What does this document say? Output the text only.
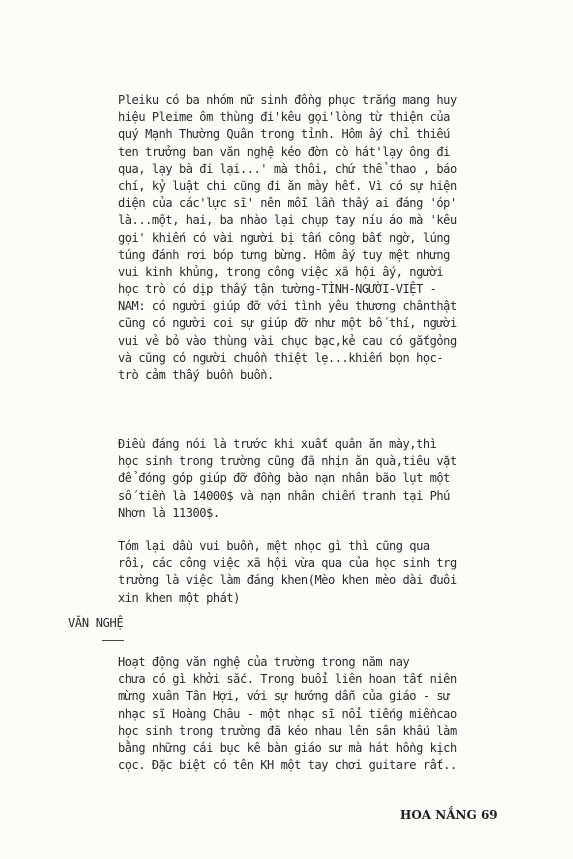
Pleiku có ba nhóm nữ sinh đồng phục trắng mang huy
hiệu Pleime ôm thùng đi'kêu gọi'lòng từ thiện của
quý Mạnh Thường Quân trong tỉnh. Hôm ấy chỉ thiếu
ten trưởng ban văn nghệ kéo đờn cò hát'lạy ông đi
qua, lạy bà đi lại...' mà thôi, chứ thể thao , báo
chí, kỷ luật chi cũng đi ăn mày hết. Vì có sự hiện
diện của các'lực sĩ' nên mỗi lần thấy ai đáng 'óp'
là...một, hai, ba nhào lại chụp tay níu áo mà 'kêu
gọi' khiến có vài người bị tấn công bất ngờ, lúng
túng đánh rơi bóp tưng bừng. Hôm ấy tuy mệt nhưng
vui kinh khủng, trong công việc xã hội ấy, người
học trò có dịp thấy tận tường-TÌNH-NGƯỜI-VIỆT -
NAM: có người giúp đỡ với tình yêu thương chânthật
cũng có người coi sự giúp đỡ như một bố thí, người
vui vẻ bỏ vào thùng vài chục bạc,kẻ cau có gắtgỏng
và cũng có người chuồn thiệt lẹ...khiến bọn học-
trò cảm thấy buồn buồn.
Điều đáng nói là trước khi xuất quân ăn mày,thì
học sinh trong trường cũng đã nhịn ăn quà,tiêu vặt
để đóng góp giúp đỡ đồng bào nạn nhân bão lụt một
số tiền là 14000$ và nạn nhân chiến tranh tại Phú
Nhơn là 11300$.
Tóm lại dầu vui buồn, mệt nhọc gì thì cũng qua
rồi, các công việc xã hội vừa qua của học sinh trg
trường là việc làm đáng khen(Mèo khen mèo dài đuôi
xin khen một phát)
VĂN NGHỆ
Hoạt động văn nghệ của trường trong năm nay
chưa có gì khởi sắc. Trong buổi liên hoan tất niên
mừng xuân Tân Hợi, với sự hướng dẫn của giáo - sư
nhạc sĩ Hoàng Châu - một nhạc sĩ nổi tiếng miềncao
học sinh trong trường đã kéo nhau lên sân khấu làm
bằng những cái bục kê bàn giáo sư mà hát hồng kịch
cọc. Đặc biệt có tên KH một tay chơi guitare rất..
HOA NẮNG 69
